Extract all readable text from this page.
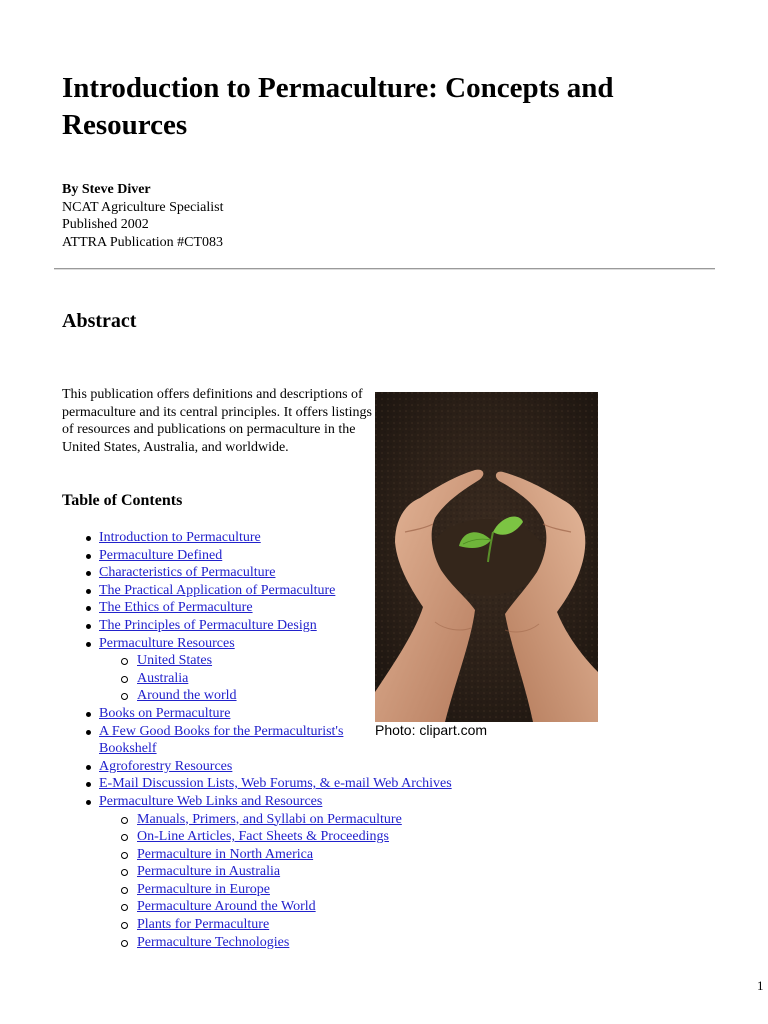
Introduction to Permaculture: Concepts and Resources
By Steve Diver
NCAT Agriculture Specialist
Published 2002
ATTRA Publication #CT083
Abstract

This publication offers definitions and descriptions of permaculture and its central principles. It offers listings of resources and publications on permaculture in the United States, Australia, and worldwide.

Table of Contents
Introduction to Permaculture
Permaculture Defined
Characteristics of Permaculture
The Practical Application of Permaculture
The Ethics of Permaculture
The Principles of Permaculture Design
Permaculture Resources
United States
Australia
Around the world
Books on Permaculture
A Few Good Books for the Permaculturist's Bookshelf
Agroforestry Resources
E-Mail Discussion Lists, Web Forums, & e-mail Web Archives
Permaculture Web Links and Resources
Manuals, Primers, and Syllabi on Permaculture
On-Line Articles, Fact Sheets & Proceedings
Permaculture in North America
Permaculture in Australia
Permaculture in Europe
Permaculture Around the World
Plants for Permaculture
Permaculture Technologies
Photo: clipart.com
1
